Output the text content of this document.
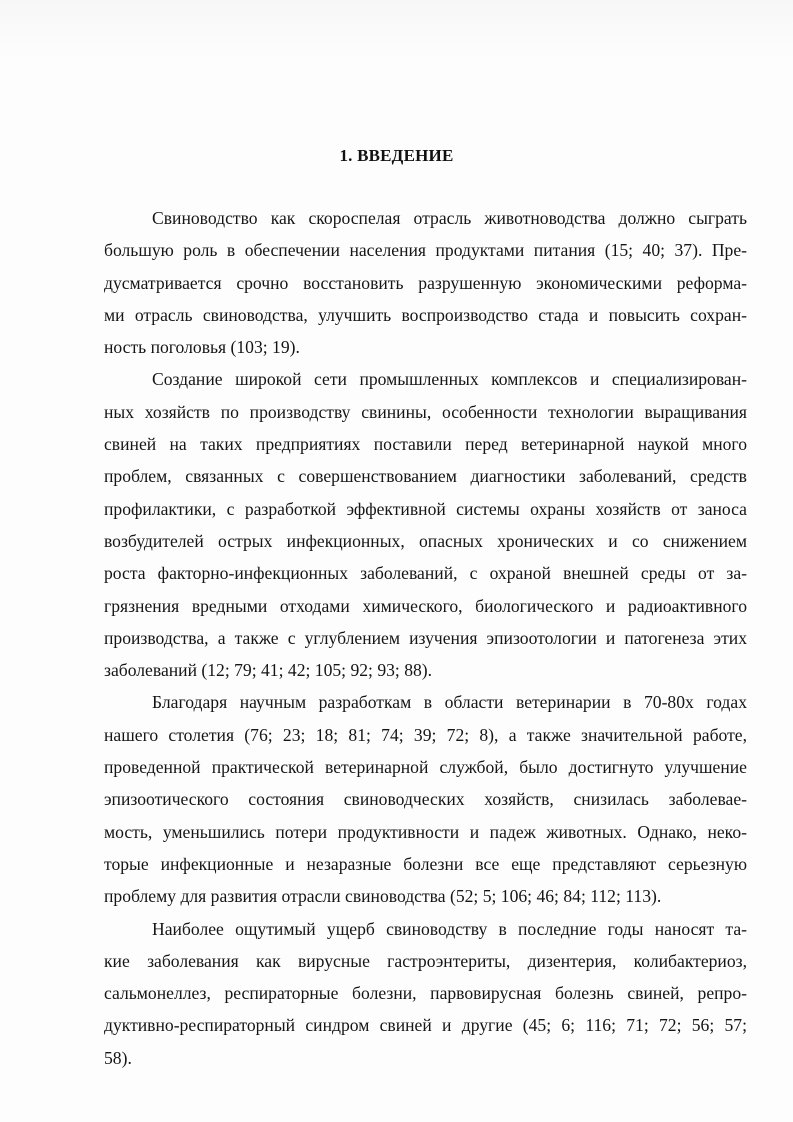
1. ВВЕДЕНИЕ
Свиноводство как скороспелая отрасль животноводства должно сыграть
большую роль в обеспечении населения продуктами питания (15; 40; 37). Пре-
дусматривается срочно восстановить разрушенную экономическими реформа-
ми отрасль свиноводства, улучшить воспроизводство стада и повысить сохран-
ность поголовья (103; 19).
Создание широкой сети промышленных комплексов и специализирован-
ных хозяйств по производству свинины, особенности технологии выращивания
свиней на таких предприятиях поставили перед ветеринарной наукой много
проблем, связанных с совершенствованием диагностики заболеваний, средств
профилактики, с разработкой эффективной системы охраны хозяйств от заноса
возбудителей острых инфекционных, опасных хронических и со снижением
роста факторно-инфекционных заболеваний, с охраной внешней среды от за-
грязнения вредными отходами химического, биологического и радиоактивного
производства, а также с углублением изучения эпизоотологии и патогенеза этих
заболеваний (12; 79; 41; 42; 105; 92; 93; 88).
Благодаря научным разработкам в области ветеринарии в 70-80х годах
нашего столетия (76; 23; 18; 81; 74; 39; 72; 8), а также значительной работе,
проведенной практической ветеринарной службой, было достигнуто улучшение
эпизоотического состояния свиноводческих хозяйств, снизилась заболевае-
мость, уменьшились потери продуктивности и падеж животных. Однако, неко-
торые инфекционные и незаразные болезни все еще представляют серьезную
проблему для развития отрасли свиноводства (52; 5; 106; 46; 84; 112; 113).
Наиболее ощутимый ущерб свиноводству в последние годы наносят та-
кие заболевания как вирусные гастроэнтериты, дизентерия, колибактериоз,
сальмонеллез, респираторные болезни, парвовирусная болезнь свиней, репро-
дуктивно-респираторный синдром свиней и другие (45; 6; 116; 71; 72; 56; 57;
58).
